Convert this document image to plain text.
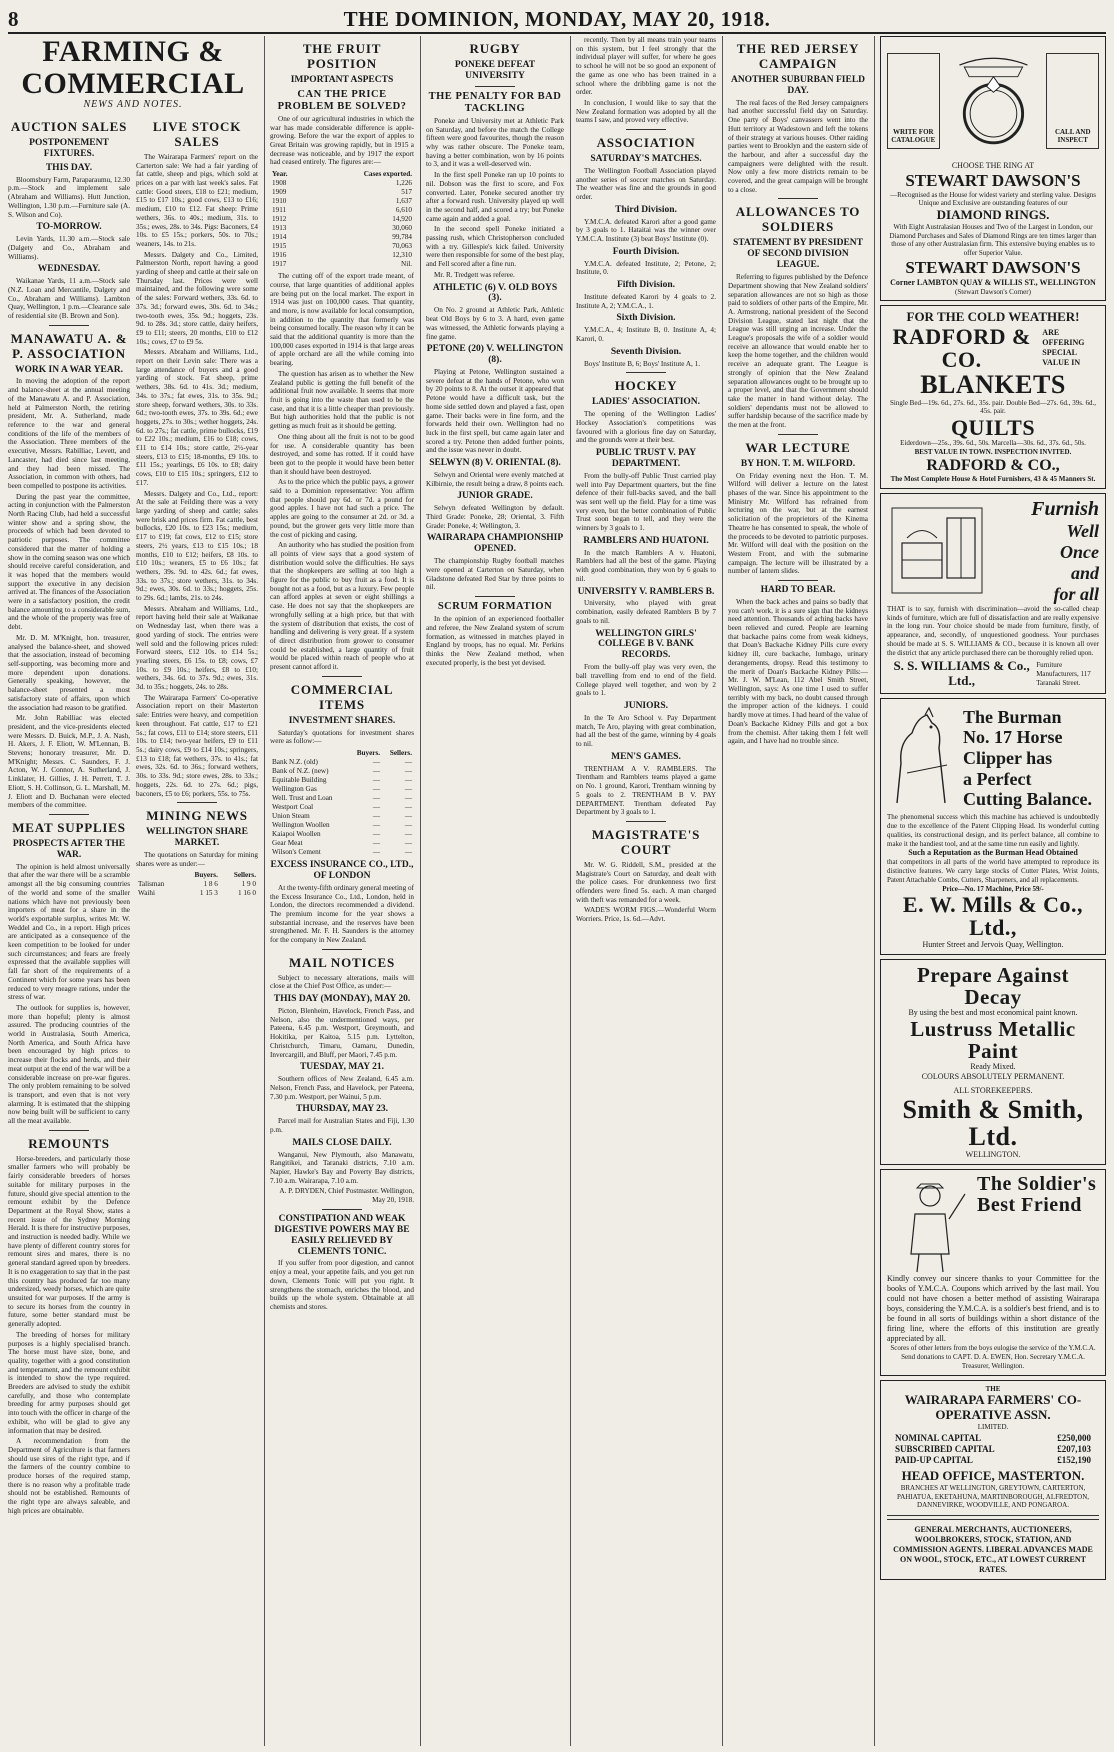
8	THE DOMINION, MONDAY, MAY 20, 1918.
FARMING & COMMERCIAL
NEWS AND NOTES.
AUCTION SALES
POSTPONEMENT FIXTURES.
THIS DAY.

Bloomsbury Farm, Paraparaumu, 12.30 p.m.—Stock and implement sale (Abraham and Williams). Hutt Junction, Wellington, 1.30 p.m.—Furniture sale (A. S. Wilson and Co).

TO-MORROW.

Levin Yards, 11.30 a.m.—Stock sale (Dalgety and Co., Abraham and Williams).

WEDNESDAY.

Waikanae Yards, 11 a.m.—Stock sale (N.Z. Loan and Mercantile, Dalgety and Co., Abraham and Williams). Lambton Quay, Wellington, 1 p.m.—Clearance sale of residential site (B. Brown and Son).

MANAWATU A. & P. ASSOCIATION
WORK IN A WAR YEAR.

In moving the adoption of the report and balance-sheet at the annual meeting of the Manawatu A. and P. Association, held at Palmerston North, the retiring president, Mr. A. Sutherland, made reference to the war and general conditions of the life of the members of the Association. Three members of the executive, Messrs. Rabilliac, Levett, and Lancaster, had died since last meeting, and they had been missed. The Association, in common with others, had been compelled to postpone its activities.

During the past year the committee, acting in conjunction with the Palmerston North Racing Club, had held a successful winter show and a spring show, the proceeds of which had been devoted to patriotic purposes. The committee considered that the matter of holding a show in the coming season was one which should receive careful consideration, and it was hoped that the members would support the executive in any decision arrived at. The finances of the Association were in a satisfactory position, the credit balance amounting to a considerable sum, and the whole of the property was free of debt.

Mr. D. M. M'Knight, hon. treasurer, analysed the balance-sheet, and showed that the association, instead of becoming self-supporting, was becoming more and more dependent upon donations. Generally speaking, however, the balance-sheet presented a most satisfactory state of affairs, upon which the association had reason to be gratified.

Mr. John Rabilliac was elected president, and the vice-presidents elected were Messrs. D. Buick, M.P., J. A. Nash, H. Akers, J. F. Eliott, W. M'Lennan, B. Stevens; honorary treasurer, Mr. D. M'Knight; Messrs. C. Saunders, F. J. Acton, W. J. Connor, A. Sutherland, J. Linklater, H. Gillies, J. H. Perrett, T. J. Eliott, S. H. Collinson, G. L. Marshall, M. J. Eliott and D. Buchanan were elected members of the committee.

MEAT SUPPLIES
PROSPECTS AFTER THE WAR.

The opinion is held almost universally that after the war there will be a scramble amongst all the big consuming countries of the world and some of the smaller nations which have not previously been importers of meat for a share in the world's exportable surplus, writes Mr. W. Weddel and Co., in a report. High prices are anticipated as a consequence of the keen competition to be looked for under such circumstances; and fears are freely expressed that the available supplies will fall far short of the requirements of a Continent which for some years has been reduced to very meagre rations, under the stress of war.

The outlook for supplies is, however, more than hopeful; plenty is almost assured. The producing countries of the world in Australasia, South America, North America, and South Africa have been encouraged by high prices to increase their flocks and herds, and their meat output at the end of the war will be a considerable increase on pre-war figures. The only problem remaining to be solved is transport, and even that is not very alarming. It is estimated that the shipping now being built will be sufficient to carry all the meat available.

REMOUNTS

Horse-breeders, and particularly those smaller farmers who will probably be fairly considerable breeders of horses suitable for military purposes in the future, should give special attention to the remount exhibit by the Defence Department at the Royal Show, states a recent issue of the Sydney Morning Herald. It is there for instructive purposes, and instruction is needed badly. While we have plenty of different country stores for remount sires and mares, there is no general standard agreed upon by breeders. It is no exaggeration to say that in the past this country has produced far too many undersized, weedy horses, which are quite unsuited for war purposes. If the army is to secure its horses from the country in future, some better standard must be generally adopted.

The breeding of horses for military purposes is a highly specialised branch. The horse must have size, bone, and quality, together with a good constitution and temperament, and the remount exhibit is intended to show the type required. Breeders are advised to study the exhibit carefully, and those who contemplate breeding for army purposes should get into touch with the officer in charge of the exhibit, who will be glad to give any information that may be desired.

A recommendation from the Department of Agriculture is that farmers should use sires of the right type, and if the farmers of the country combine to produce horses of the required stamp, there is no reason why a profitable trade should not be established. Remounts of the right type are always saleable, and high prices are obtainable.

LIVE STOCK SALES

The Wairarapa Farmers' report on the Carterton sale: We had a fair yarding of fat cattle, sheep and pigs, which sold at prices on a par with last week's sales. Fat cattle: Good steers, £18 to £21; medium, £15 to £17 10s.; good cows, £13 to £16; medium, £10 to £12. Fat sheep: Prime wethers, 36s. to 40s.; medium, 31s. to 35s.; ewes, 28s. to 34s. Pigs: Baconers, £4 10s. to £5 15s.; porkers, 50s. to 70s.; weaners, 14s. to 21s.

Messrs. Dalgety and Co., Limited, Palmerston North, report having a good yarding of sheep and cattle at their sale on Thursday last. Prices were well maintained, and the following were some of the sales: Forward wethers, 33s. 6d. to 37s. 3d.; forward ewes, 30s. 6d. to 34s.; two-tooth ewes, 35s. 9d.; hoggets, 23s. 9d. to 28s. 3d.; store cattle, dairy heifers, £9 to £11; steers, 20 months, £10 to £12 10s.; cows, £7 to £9 5s.

Messrs. Abraham and Williams, Ltd., report on their Levin sale: There was a large attendance of buyers and a good yarding of stock. Fat sheep, prime wethers, 38s. 6d. to 41s. 3d.; medium, 34s. to 37s.; fat ewes, 31s. to 35s. 9d.; store sheep, forward wethers, 30s. to 33s. 6d.; two-tooth ewes, 37s. to 39s. 6d.; ewe hoggets, 27s. to 30s.; wether hoggets, 24s. 6d. to 27s.; fat cattle, prime bullocks, £19 to £22 10s.; medium, £16 to £18; cows, £11 to £14 10s.; store cattle, 2½-year steers, £13 to £15; 18-months, £9 10s. to £11 15s.; yearlings, £6 10s. to £8; dairy cows, £10 to £15 10s.; springers, £12 to £17.

Messrs. Dalgety and Co., Ltd., report: At the sale at Feilding there was a very large yarding of sheep and cattle; sales were brisk and prices firm. Fat cattle, best bullocks, £20 10s. to £23 15s.; medium, £17 to £19; fat cows, £12 to £15; store steers, 2½ years, £13 to £15 10s.; 18 months, £10 to £12; heifers, £8 10s. to £10 10s.; weaners, £5 to £6 10s.; fat wethers, 39s. 9d. to 42s. 6d.; fat ewes, 33s. to 37s.; store wethers, 31s. to 34s. 9d.; ewes, 30s. 6d. to 33s.; hoggets, 25s. to 29s. 6d.; lambs, 21s. to 24s.

Messrs. Abraham and Williams, Ltd., report having held their sale at Waikanae on Wednesday last, when there was a good yarding of stock. The entries were well sold and the following prices ruled: Forward steers, £12 10s. to £14 5s.; yearling steers, £6 15s. to £8; cows, £7 10s. to £9 10s.; heifers, £8 to £10; wethers, 34s. 6d. to 37s. 9d.; ewes, 31s. 3d. to 35s.; hoggets, 24s. to 28s.

The Wairarapa Farmers' Co-operative Association report on their Masterton sale: Entries were heavy, and competition keen throughout. Fat cattle, £17 to £21 5s.; fat cows, £11 to £14; store steers, £11 10s. to £14; two-year heifers, £9 to £11 5s.; dairy cows, £9 to £14 10s.; springers, £13 to £18; fat wethers, 37s. to 41s.; fat ewes, 32s. 6d. to 36s.; forward wethers, 30s. to 33s. 9d.; store ewes, 28s. to 33s.; hoggets, 22s. 6d. to 27s. 6d.; pigs, baconers, £5 to £6; porkers, 55s. to 75s.

MINING NEWS
WELLINGTON SHARE MARKET.

The quotations on Saturday for mining shares were as under:—

	Buyers.	Sellers.
Talisman	1 8 6	1 9 0
Waihi	1 15 3	1 16 0
THE FRUIT POSITION
IMPORTANT ASPECTS
CAN THE PRICE PROBLEM BE SOLVED?

One of our agricultural industries in which the war has made considerable difference is apple-growing. Before the war the export of apples to Great Britain was growing rapidly, but in 1915 a decrease was noticeable, and by 1917 the export had ceased entirely. The figures are:—

Year.	Cases exported.
1908	1,226
1909	517
1910	1,637
1911	6,610
1912	14,920
1913	30,060
1914	99,784
1915	70,063
1916	12,310
1917	Nil.

The cutting off of the export trade meant, of course, that large quantities of additional apples are being put on the local market. The export in 1914 was just on 100,000 cases. That quantity, and more, is now available for local consumption, in addition to the quantity that formerly was being consumed locally. The reason why it can be said that the additional quantity is more than the 100,000 cases exported in 1914 is that large areas of apple orchard are all the while coming into bearing.

The question has arisen as to whether the New Zealand public is getting the full benefit of the additional fruit now available. It seems that more fruit is going into the waste than used to be the case, and that it is a little cheaper than previously. But high authorities hold that the public is not getting as much fruit as it should be getting.

One thing about all the fruit is not to be good for use. A considerable quantity has been destroyed, and some has rotted. If it could have been got to the people it would have been better than it should have been destroyed.

As to the price which the public pays, a grower said to a Dominion representative: You affirm that people should pay 6d. or 7d. a pound for good apples. I have not had such a price. The apples are going to the consumer at 2d. or 3d. a pound, but the grower gets very little more than the cost of picking and casing.

An authority who has studied the position from all points of view says that a good system of distribution would solve the difficulties. He says that the shopkeepers are selling at too high a figure for the public to buy fruit as a food. It is bought not as a food, but as a luxury. Few people can afford apples at seven or eight shillings a case. He does not say that the shopkeepers are wrongfully selling at a high price, but that with the system of distribution that exists, the cost of handling and delivering is very great. If a system of direct distribution from grower to consumer could be established, a large quantity of fruit would be placed within reach of people who at present cannot afford it.

COMMERCIAL ITEMS
INVESTMENT SHARES.

Saturday's quotations for investment shares were as follow:—

	Buyers.	Sellers.
Bank N.Z. (old)	—	—
Bank of N.Z. (new)	—	—
Equitable Building	—	—
Wellington Gas	—	—
Well. Trust and Loan	—	—
Westport Coal	—	—
Union Steam	—	—
Wellington Woollen	—	—
Kaiapoi Woollen	—	—
Gear Meat	—	—
Wilson's Cement	—	—
EXCESS INSURANCE CO., LTD., OF LONDON

At the twenty-fifth ordinary general meeting of the Excess Insurance Co., Ltd., London, held in London, the directors recommended a dividend. The premium income for the year shows a substantial increase, and the reserves have been strengthened. Mr. F. H. Saunders is the attorney for the company in New Zealand.

MAIL NOTICES

Subject to necessary alterations, mails will close at the Chief Post Office, as under:—

THIS DAY (MONDAY), MAY 20.

Picton, Blenheim, Havelock, French Pass, and Nelson, also the undermentioned ways, per Pateena, 6.45 p.m. Westport, Greymouth, and Hokitika, per Kaitoa, 5.15 p.m. Lyttelton, Christchurch, Timaru, Oamaru, Dunedin, Invercargill, and Bluff, per Maori, 7.45 p.m.

TUESDAY, MAY 21.

Southern offices of New Zealand, 6.45 a.m. Nelson, French Pass, and Havelock, per Pateena, 7.30 p.m. Westport, per Wainui, 5 p.m.

THURSDAY, MAY 23.

Parcel mail for Australian States and Fiji, 1.30 p.m.

MAILS CLOSE DAILY.

Wanganui, New Plymouth, also Manawatu, Rangitikei, and Taranaki districts, 7.10 a.m. Napier, Hawke's Bay and Poverty Bay districts, 7.10 a.m. Wairarapa, 7.10 a.m.

A. P. DRYDEN, Chief Postmaster. Wellington, May 20, 1918.

CONSTIPATION AND WEAK DIGESTIVE POWERS MAY BE EASILY RELIEVED BY CLEMENTS TONIC.

If you suffer from poor digestion, and cannot enjoy a meal, your appetite fails, and you get run down, Clements Tonic will put you right. It strengthens the stomach, enriches the blood, and builds up the whole system. Obtainable at all chemists and stores.

RUGBY
PONEKE DEFEAT UNIVERSITY
THE PENALTY FOR BAD TACKLING

Poneke and University met at Athletic Park on Saturday, and before the match the College fifteen were good favourites, though the reason why was rather obscure. The Poneke team, having a better combination, won by 16 points to 3, and it was a well-deserved win.

In the first spell Poneke ran up 10 points to nil. Dobson was the first to score, and Fox converted. Later, Poneke secured another try after a forward rush. University played up well in the second half, and scored a try; but Poneke came again and added a goal.

In the second spell Poneke initiated a passing rush, which Christopherson concluded with a try. Gillespie's kick failed. University were then responsible for some of the best play, and Fell scored after a fine run.

Mr. R. Tredgett was referee.

ATHLETIC (6) V. OLD BOYS (3).

On No. 2 ground at Athletic Park, Athletic beat Old Boys by 6 to 3. A hard, even game was witnessed, the Athletic forwards playing a fine game.

PETONE (20) V. WELLINGTON (8).

Playing at Petone, Wellington sustained a severe defeat at the hands of Petone, who won by 20 points to 8. At the outset it appeared that Petone would have a difficult task, but the home side settled down and played a fast, open game. Their backs were in fine form, and the forwards held their own. Wellington had no luck in the first spell, but came again later and scored a try. Petone then added further points, and the issue was never in doubt.

SELWYN (8) V. ORIENTAL (8).

Selwyn and Oriental were evenly matched at Kilbirnie, the result being a draw, 8 points each.

JUNIOR GRADE.

Selwyn defeated Wellington by default. Third Grade: Poneke, 28; Oriental, 3. Fifth Grade: Poneke, 4; Wellington, 3.

WAIRARAPA CHAMPIONSHIP OPENED.

The championship Rugby football matches were opened at Carterton on Saturday, when Gladstone defeated Red Star by three points to nil.

SCRUM FORMATION

In the opinion of an experienced footballer and referee, the New Zealand system of scrum formation, as witnessed in matches played in England by troops, has no equal. Mr. Perkins thinks the New Zealand method, when executed properly, is the best yet devised.

recently. Then by all means train your teams on this system, but I feel strongly that the individual player will suffer, for where he goes to school he will not be so good an exponent of the game as one who has been trained in a school where the dribbling game is not the order.

In conclusion, I would like to say that the New Zealand formation was adopted by all the teams I saw, and proved very effective.

ASSOCIATION
SATURDAY'S MATCHES.

The Wellington Football Association played another series of soccer matches on Saturday. The weather was fine and the grounds in good order.

Third Division.

Y.M.C.A. defeated Karori after a good game by 3 goals to 1. Hataitai was the winner over Y.M.C.A. Institute (3) beat Boys' Institute (0).

Fourth Division.

Y.M.C.A. defeated Institute, 2; Petone, 2; Institute, 0.

Fifth Division.

Institute defeated Karori by 4 goals to 2. Institute A, 2; Y.M.C.A., 1.

Sixth Division.

Y.M.C.A., 4; Institute B, 0. Institute A, 4; Karori, 0.

Seventh Division.

Boys' Institute B, 6; Boys' Institute A, 1.

HOCKEY
LADIES' ASSOCIATION.

The opening of the Wellington Ladies' Hockey Association's competitions was favoured with a glorious fine day on Saturday, and the grounds were at their best.

PUBLIC TRUST V. PAY DEPARTMENT.

From the bully-off Public Trust carried play well into Pay Department quarters, but the fine defence of their full-backs saved, and the ball was sent well up the field. Play for a time was very even, but the better combination of Public Trust soon began to tell, and they were the winners by 3 goals to 1.

RAMBLERS AND HUATONI.

In the match Ramblers A v. Huatoni, Ramblers had all the best of the game. Playing with good combination, they won by 6 goals to nil.

UNIVERSITY V. RAMBLERS B.

University, who played with great combination, easily defeated Ramblers B by 7 goals to nil.

WELLINGTON GIRLS' COLLEGE B V. BANK RECORDS.

From the bully-off play was very even, the ball travelling from end to end of the field. College played well together, and won by 2 goals to 1.

JUNIORS.

In the Te Aro School v. Pay Department match, Te Aro, playing with great combination, had all the best of the game, winning by 4 goals to nil.

MEN'S GAMES.

TRENTHAM A V. RAMBLERS. The Trentham and Ramblers teams played a game on No. 1 ground, Karori, Trentham winning by 5 goals to 2. TRENTHAM B V. PAY DEPARTMENT. Trentham defeated Pay Department by 3 goals to 1.

MAGISTRATE'S COURT

Mr. W. G. Riddell, S.M., presided at the Magistrate's Court on Saturday, and dealt with the police cases. For drunkenness two first offenders were fined 5s. each. A man charged with theft was remanded for a week.

WADE'S WORM FIGS.—Wonderful Worm Worriers. Price, 1s. 6d.—Advt.

THE RED JERSEY CAMPAIGN
ANOTHER SUBURBAN FIELD DAY.

The real faces of the Red Jersey campaigners had another successful field day on Saturday. One party of Boys' canvassers went into the Hutt territory at Wadestown and left the tokens of their strategy at various houses. Other raiding parties went to Brooklyn and the eastern side of the harbour, and after a successful day the campaigners were delighted with the result. Now only a few more districts remain to be covered, and the great campaign will be brought to a close.

ALLOWANCES TO SOLDIERS
STATEMENT BY PRESIDENT OF SECOND DIVISION LEAGUE.

Referring to figures published by the Defence Department showing that New Zealand soldiers' separation allowances are not so high as those paid to soldiers of other parts of the Empire, Mr. A. Armstrong, national president of the Second Division League, stated last night that the League was still urging an increase. Under the League's proposals the wife of a soldier would receive an allowance that would enable her to keep the home together, and the children would receive an adequate grant. The League is strongly of opinion that the New Zealand separation allowances ought to be brought up to a proper level, and that the Government should take the matter in hand without delay. The soldiers' dependants must not be allowed to suffer hardship because of the sacrifice made by the men at the front.

WAR LECTURE
BY HON. T. M. WILFORD.

On Friday evening next the Hon. T. M. Wilford will deliver a lecture on the latest phases of the war. Since his appointment to the Ministry Mr. Wilford has refrained from lecturing on the war, but at the earnest solicitation of the proprietors of the Kinema Theatre he has consented to speak, the whole of the proceeds to be devoted to patriotic purposes. Mr. Wilford will deal with the position on the Western Front, and with the submarine campaign. The lecture will be illustrated by a number of lantern slides.

HARD TO BEAR.

When the back aches and pains so badly that you can't work, it is a sure sign that the kidneys need attention. Thousands of aching backs have been relieved and cured. People are learning that backache pains come from weak kidneys, that Doan's Backache Kidney Pills cure every kidney ill, cure backache, lumbago, urinary derangements, dropsy. Read this testimony to the merit of Doan's Backache Kidney Pills:—Mr. J. W. M'Lean, 112 Abel Smith Street, Wellington, says: As one time I used to suffer terribly with my back, no doubt caused through the improper action of the kidneys. I could hardly move at times. I had heard of the value of Doan's Backache Kidney Pills and got a box from the chemist. After taking them I felt well again, and I have had no trouble since.

WRITE FOR CATALOGUE
CALL AND INSPECT
CHOOSE THE RING AT
STEWART DAWSON'S
—Recognised as the House for widest variety and sterling value. Designs Unique and Exclusive are outstanding features of our
DIAMOND RINGS.
With Eight Australasian Houses and Two of the Largest in London, our Diamond Purchases and Sales of Diamond Rings are ten times larger than those of any other Australasian firm. This extensive buying enables us to offer Superior Value.
STEWART DAWSON'S
Corner LAMBTON QUAY & WILLIS ST., WELLINGTON
(Stewart Dawson's Corner)
FOR THE COLD WEATHER!
RADFORD & CO.
ARE OFFERING SPECIAL VALUE IN
BLANKETS
Single Bed—19s. 6d., 27s. 6d., 35s. pair. Double Bed—27s. 6d., 39s. 6d., 45s. pair.
QUILTS
Eiderdown—25s., 39s. 6d., 50s. Marcella—30s. 6d., 37s. 6d., 50s.
BEST VALUE IN TOWN. INSPECTION INVITED.
RADFORD & CO.,
The Most Complete House & Hotel Furnishers, 43 & 45 Manners St.
Furnish
Well
Once
and
for all
THAT is to say, furnish with discrimination—avoid the so-called cheap kinds of furniture, which are full of dissatisfaction and are really expensive in the long run. Your choice should be made from furniture, firstly, of appearance, and, secondly, of unquestioned goodness. Your purchases should be made at S. S. WILLIAMS & CO., because it is known all over the district that any article purchased there can be thoroughly relied upon.
S. S. WILLIAMS & Co., Ltd.,
Furniture Manufacturers, 117 Taranaki Street.
The Burman
No. 17 Horse
Clipper has
a Perfect
Cutting Balance.
The phenomenal success which this machine has achieved is undoubtedly due to the excellence of the Patent Clipping Head. Its wonderful cutting qualities, its constructional design, and its perfect balance, all combine to make it the handiest tool, and at the same time run easily and lightly.
Such a Reputation as the Burman Head Obtained
that competitors in all parts of the world have attempted to reproduce its distinctive features. We carry large stocks of Cutter Plates, Wrist Joints, Patent Attachable Combs, Cutters, Sharpeners, and all replacements.
Price—No. 17 Machine, Price 59/-
E. W. Mills & Co., Ltd.,
Hunter Street and Jervois Quay, Wellington.
Prepare Against Decay
By using the best and most economical paint known.
Lustruss Metallic Paint
Ready Mixed.
COLOURS ABSOLUTELY PERMANENT.
ALL STOREKEEPERS.
Smith & Smith, Ltd.
WELLINGTON.
The Soldier's Best Friend
Kindly convey our sincere thanks to your Committee for the books of Y.M.C.A. Coupons which arrived by the last mail. You could not have chosen a better method of assisting Wairarapa boys, considering the Y.M.C.A. is a soldier's best friend, and is to be found in all sorts of buildings within a short distance of the firing line, where the efforts of this institution are greatly appreciated by all.
Scores of other letters from the boys eulogise the service of the Y.M.C.A.
Send donations to CAPT. D. A. EWEN, Hon. Secretary Y.M.C.A. Treasurer, Wellington.
THE
WAIRARAPA FARMERS' CO-OPERATIVE ASSN.
LIMITED.
NOMINAL CAPITAL	£250,000
SUBSCRIBED CAPITAL	£207,103
PAID-UP CAPITAL	£152,190
HEAD OFFICE, MASTERTON.
BRANCHES AT WELLINGTON, GREYTOWN, CARTERTON, PAHIATUA, EKETAHUNA, MARTINBOROUGH, ALFREDTON, DANNEVIRKE, WOODVILLE, AND PONGAROA.
GENERAL MERCHANTS, AUCTIONEERS, WOOLBROKERS, STOCK, STATION, AND COMMISSION AGENTS. LIBERAL ADVANCES MADE ON WOOL, STOCK, ETC., AT LOWEST CURRENT RATES.
